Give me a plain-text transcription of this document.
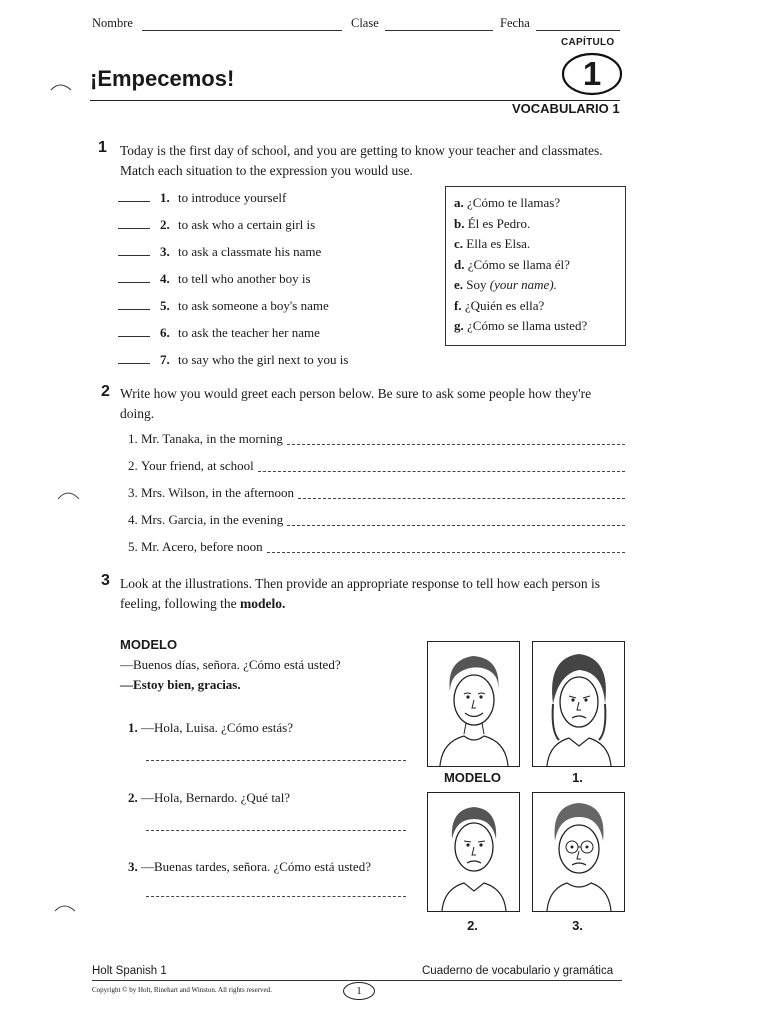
Nombre	Clase	Fecha
CAPÍTULO
1
VOCABULARIO 1
¡Empecemos!
1 Today is the first day of school, and you are getting to know your teacher and classmates. Match each situation to the expression you would use.
1. to introduce yourself
2. to ask who a certain girl is
3. to ask a classmate his name
4. to tell who another boy is
5. to ask someone a boy's name
6. to ask the teacher her name
7. to say who the girl next to you is
a. ¿Cómo te llamas?
b. Él es Pedro.
c. Ella es Elsa.
d. ¿Cómo se llama él?
e. Soy (your name).
f. ¿Quién es ella?
g. ¿Cómo se llama usted?
2 Write how you would greet each person below. Be sure to ask some people how they're doing.
1.
Mr. Tanaka, in the morning
2.
Your friend, at school
3.
Mrs. Wilson, in the afternoon
4.
Mrs. Garcia, in the evening
5.
Mr. Acero, before noon
3 Look at the illustrations. Then provide an appropriate response to tell how each person is feeling, following the modelo.
MODELO
—Buenos días, señora. ¿Cómo está usted?
—Estoy bien, gracias.
1. —Hola, Luisa. ¿Cómo estás?
2. —Hola, Bernardo. ¿Qué tal?
3. —Buenas tardes, señora. ¿Cómo está usted?
MODELO	1.
2.	3.
Holt Spanish 1	Cuaderno de vocabulario y gramática
Copyright © by Holt, Rinehart and Winston. All rights reserved.	1
